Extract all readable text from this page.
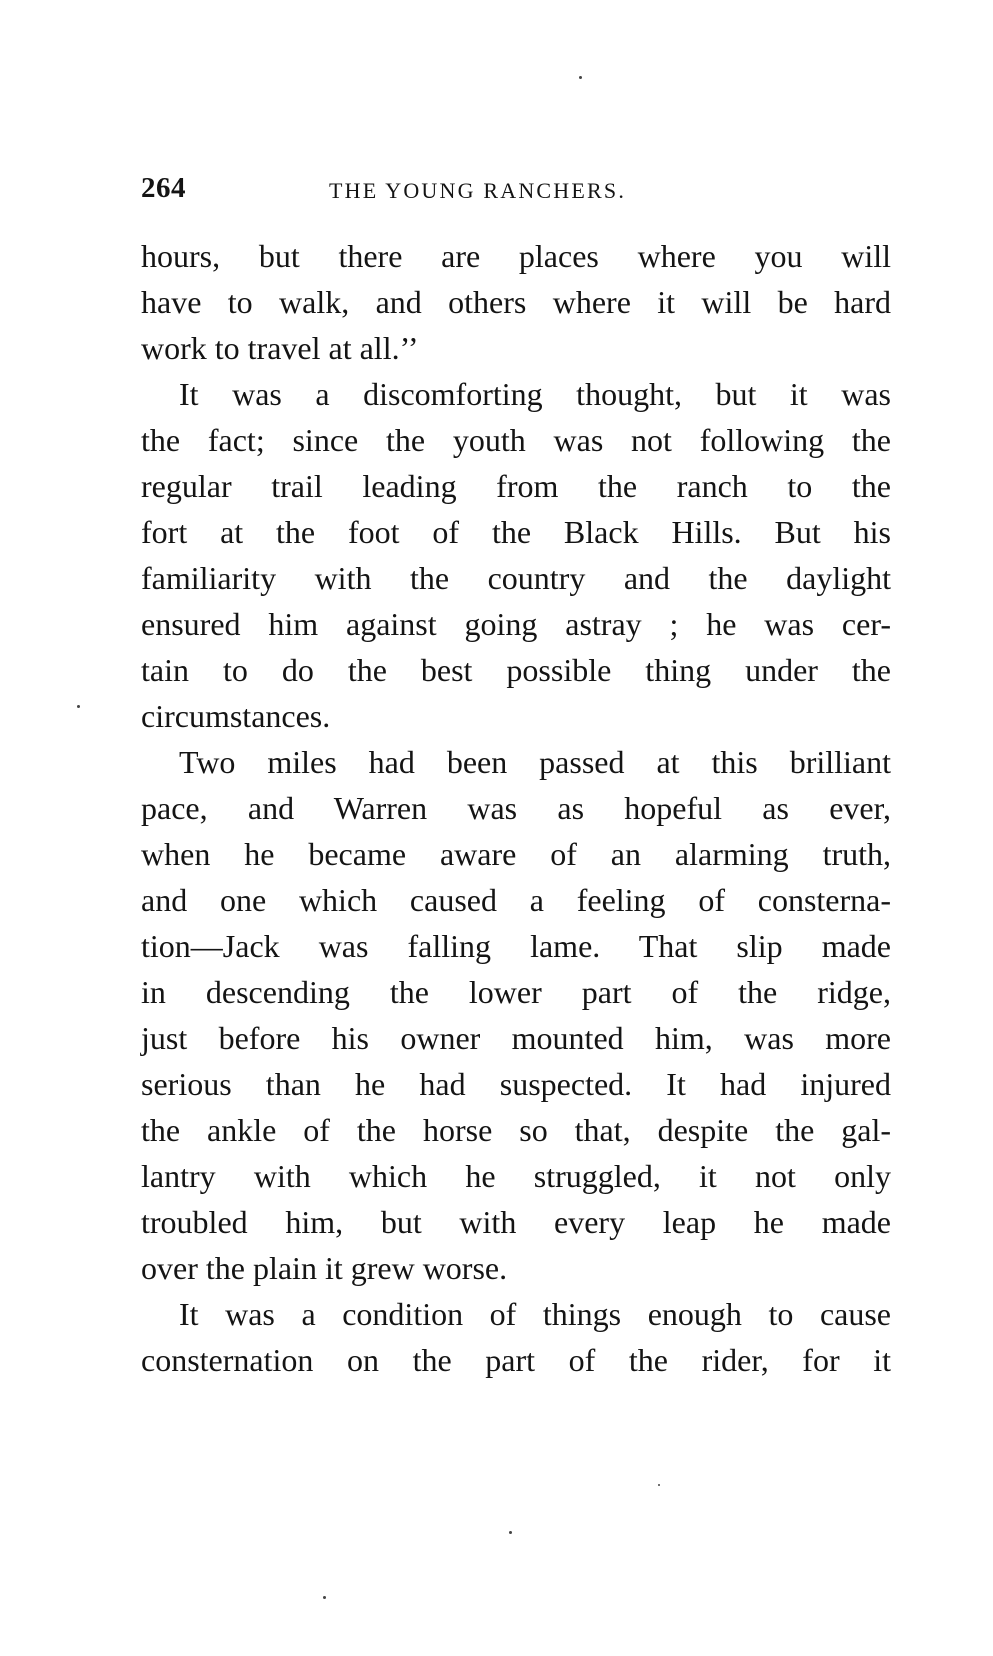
264	THE YOUNG RANCHERS.
hours, but there are places where you will
have to walk, and others where it will be hard
work to travel at all.’’
It was a discomforting thought, but it was
the fact; since the youth was not following the
regular trail leading from the ranch to the
fort at the foot of the Black Hills. But his
familiarity with the country and the daylight
ensured him against going astray ; he was cer-
tain to do the best possible thing under the
circumstances.
Two miles had been passed at this brilliant
pace, and Warren was as hopeful as ever,
when he became aware of an alarming truth,
and one which caused a feeling of consterna-
tion—Jack was falling lame. That slip made
in descending the lower part of the ridge,
just before his owner mounted him, was more
serious than he had suspected. It had injured
the ankle of the horse so that, despite the gal-
lantry with which he struggled, it not only
troubled him, but with every leap he made
over the plain it grew worse.
It was a condition of things enough to cause
consternation on the part of the rider, for it
